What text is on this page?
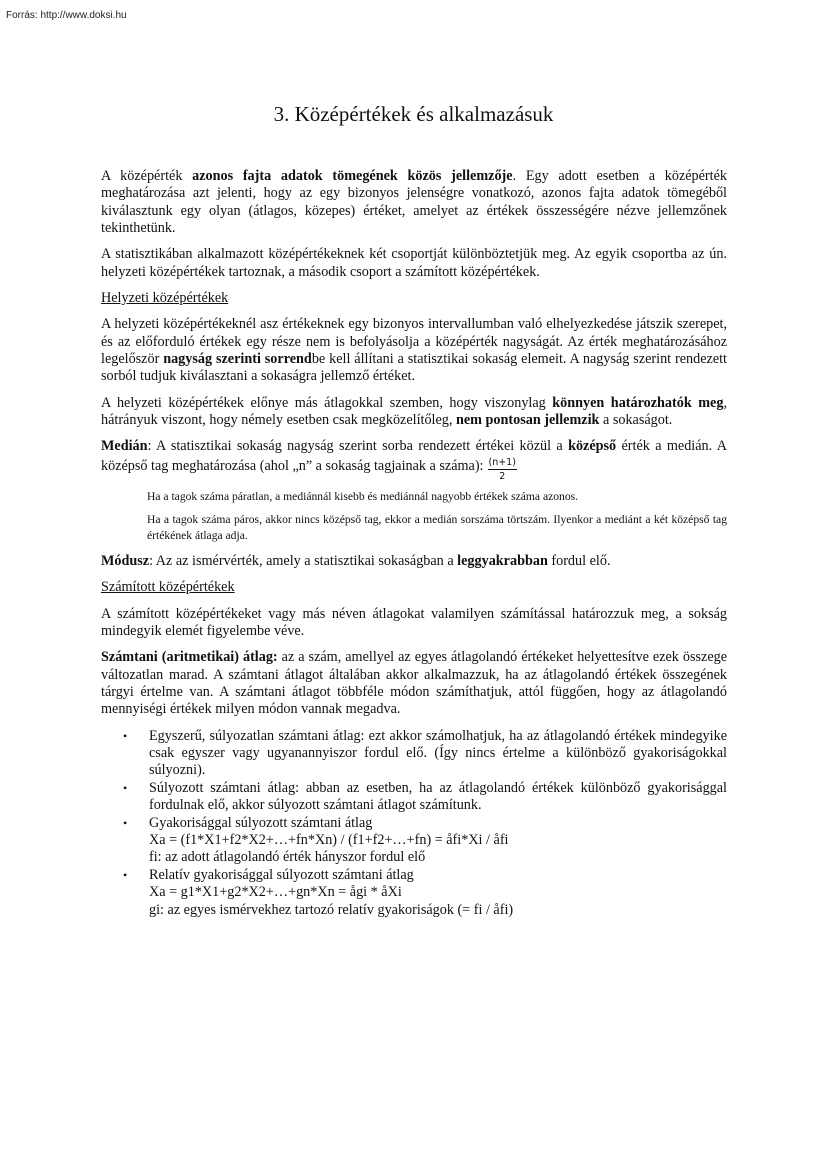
Forrás: http://www.doksi.hu
3. Középértékek és alkalmazásuk

A középérték azonos fajta adatok tömegének közös jellemzője. Egy adott esetben a középérték meghatározása azt jelenti, hogy az egy bizonyos jelenségre vonatkozó, azonos fajta adatok tömegéből kiválasztunk egy olyan (átlagos, közepes) értéket, amelyet az értékek összességére nézve jellemzőnek tekinthetünk.

A statisztikában alkalmazott középértékeknek két csoportját különböztetjük meg. Az egyik csoportba az ún. helyzeti középértékek tartoznak, a második csoport a számított középértékek.

Helyzeti középértékek

A helyzeti középértékeknél asz értékeknek egy bizonyos intervallumban való elhelyezkedése játszik szerepet, és az előforduló értékek egy része nem is befolyásolja a középérték nagyságát. Az érték meghatározásához legelőször nagyság szerinti sorrendbe kell állítani a statisztikai sokaság elemeit. A nagyság szerint rendezett sorból tudjuk kiválasztani a sokaságra jellemző értéket.

A helyzeti középértékek előnye más átlagokkal szemben, hogy viszonylag könnyen határozhatók meg, hátrányuk viszont, hogy némely esetben csak megközelítőleg, nem pontosan jellemzik a sokaságot.

Medián: A statisztikai sokaság nagyság szerint sorba rendezett értékei közül a középső érték a medián. A középső tag meghatározása (ahol „n” a sokaság tagjainak a száma): $\frac{(n+1)}{2}$

Ha a tagok száma páratlan, a mediánnál kisebb és mediánnál nagyobb értékek száma azonos.

Ha a tagok száma páros, akkor nincs középső tag, ekkor a medián sorszáma törtszám. Ilyenkor a mediánt a két középső tag értékének átlaga adja.

Módusz: Az az ismérvérték, amely a statisztikai sokaságban a leggyakrabban fordul elő.

Számított középértékek

A számított középértékeket vagy más néven átlagokat valamilyen számítással határozzuk meg, a sokság mindegyik elemét figyelembe véve.

Számtani (aritmetikai) átlag: az a szám, amellyel az egyes átlagolandó értékeket helyettesítve ezek összege változatlan marad. A számtani átlagot általában akkor alkalmazzuk, ha az átlagolandó értékek összegének tárgyi értelme van. A számtani átlagot többféle módon számíthatjuk, attól függően, hogy az átlagolandó mennyiségi értékek milyen módon vannak megadva.

• Egyszerű, súlyozatlan számtani átlag: ezt akkor számolhatjuk, ha az átlagolandó értékek mindegyike csak egyszer vagy ugyanannyiszor fordul elő. (Így nincs értelme a különböző gyakoriságokkal súlyozni).
• Súlyozott számtani átlag: abban az esetben, ha az átlagolandó értékek különböző gyakorisággal fordulnak elő, akkor súlyozott számtani átlagot számítunk.
• Gyakorisággal súlyozott számtani átlag
Xa = (f1*X1+f2*X2+…+fn*Xn) / (f1+f2+…+fn) = åfi*Xi / åfi
fi: az adott átlagolandó érték hányszor fordul elő
• Relatív gyakorisággal súlyozott számtani átlag
Xa = g1*X1+g2*X2+…+gn*Xn = ågi * åXi
gi: az egyes ismérvekhez tartozó relatív gyakoriságok (= fi / åfi)
